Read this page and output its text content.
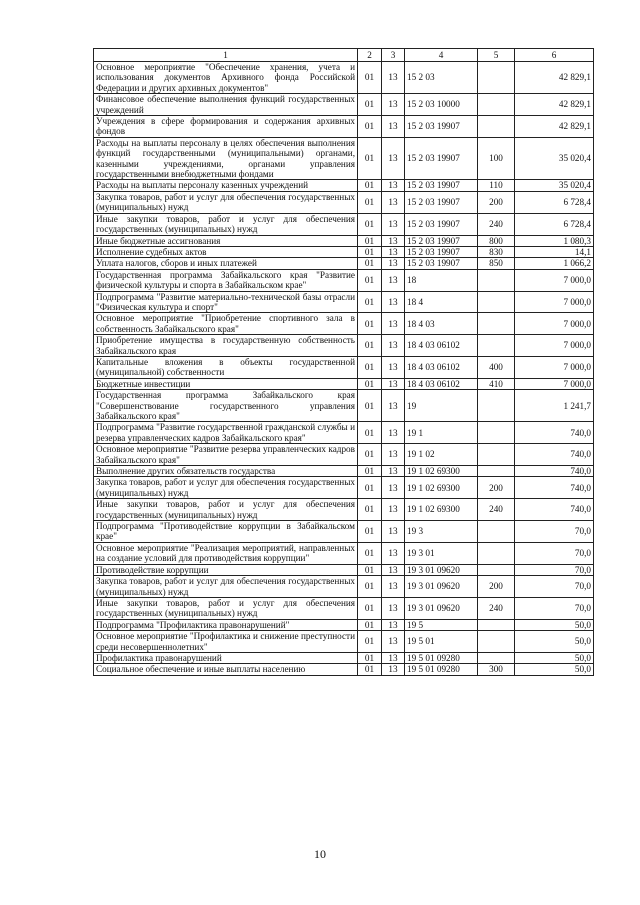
1	2	3	4	5	6
Основное мероприятие "Обеспечение хранения, учета и использования документов Архивного фонда Российской Федерации и других архивных документов"	01	13	15 2 03		42 829,1
Финансовое обеспечение выполнения функций государственных учреждений	01	13	15 2 03 10000		42 829,1
Учреждения в сфере формирования и содержания архивных фондов	01	13	15 2 03 19907		42 829,1
Расходы на выплаты персоналу в целях обеспечения выполнения функций государственными (муниципальными) органами, казенными учреждениями, органами управления государственными внебюджетными фондами	01	13	15 2 03 19907	100	35 020,4
Расходы на выплаты персоналу казенных учреждений	01	13	15 2 03 19907	110	35 020,4
Закупка товаров, работ и услуг для обеспечения государственных (муниципальных) нужд	01	13	15 2 03 19907	200	6 728,4
Иные закупки товаров, работ и услуг для обеспечения государственных (муниципальных) нужд	01	13	15 2 03 19907	240	6 728,4
Иные бюджетные ассигнования	01	13	15 2 03 19907	800	1 080,3
Исполнение судебных актов	01	13	15 2 03 19907	830	14,1
Уплата налогов, сборов и иных платежей	01	13	15 2 03 19907	850	1 066,2
Государственная программа Забайкальского края "Развитие физической культуры и спорта в Забайкальском крае"	01	13	18		7 000,0
Подпрограмма "Развитие материально-технической базы отрасли "Физическая культура и спорт"	01	13	18 4		7 000,0
Основное мероприятие "Приобретение спортивного зала в собственность Забайкальского края"	01	13	18 4 03		7 000,0
Приобретение имущества в государственную собственность Забайкальского края	01	13	18 4 03 06102		7 000,0
Капитальные вложения в объекты государственной (муниципальной) собственности	01	13	18 4 03 06102	400	7 000,0
Бюджетные инвестиции	01	13	18 4 03 06102	410	7 000,0
Государственная программа Забайкальского края "Совершенствование государственного управления Забайкальского края"	01	13	19		1 241,7
Подпрограмма "Развитие государственной гражданской службы и резерва управленческих кадров Забайкальского края"	01	13	19 1		740,0
Основное мероприятие "Развитие резерва управленческих кадров Забайкальского края"	01	13	19 1 02		740,0
Выполнение других обязательств государства	01	13	19 1 02 69300		740,0
Закупка товаров, работ и услуг для обеспечения государственных (муниципальных) нужд	01	13	19 1 02 69300	200	740,0
Иные закупки товаров, работ и услуг для обеспечения государственных (муниципальных) нужд	01	13	19 1 02 69300	240	740,0
Подпрограмма "Противодействие коррупции в Забайкальском крае"	01	13	19 3		70,0
Основное мероприятие "Реализация мероприятий, направленных на создание условий для противодействия коррупции"	01	13	19 3 01		70,0
Противодействие коррупции	01	13	19 3 01 09620		70,0
Закупка товаров, работ и услуг для обеспечения государственных (муниципальных) нужд	01	13	19 3 01 09620	200	70,0
Иные закупки товаров, работ и услуг для обеспечения государственных (муниципальных) нужд	01	13	19 3 01 09620	240	70,0
Подпрограмма "Профилактика правонарушений"	01	13	19 5		50,0
Основное мероприятие "Профилактика и снижение преступности среди несовершеннолетних"	01	13	19 5 01		50,0
Профилактика правонарушений	01	13	19 5 01 09280		50,0
Социальное обеспечение и иные выплаты населению	01	13	19 5 01 09280	300	50,0
10
